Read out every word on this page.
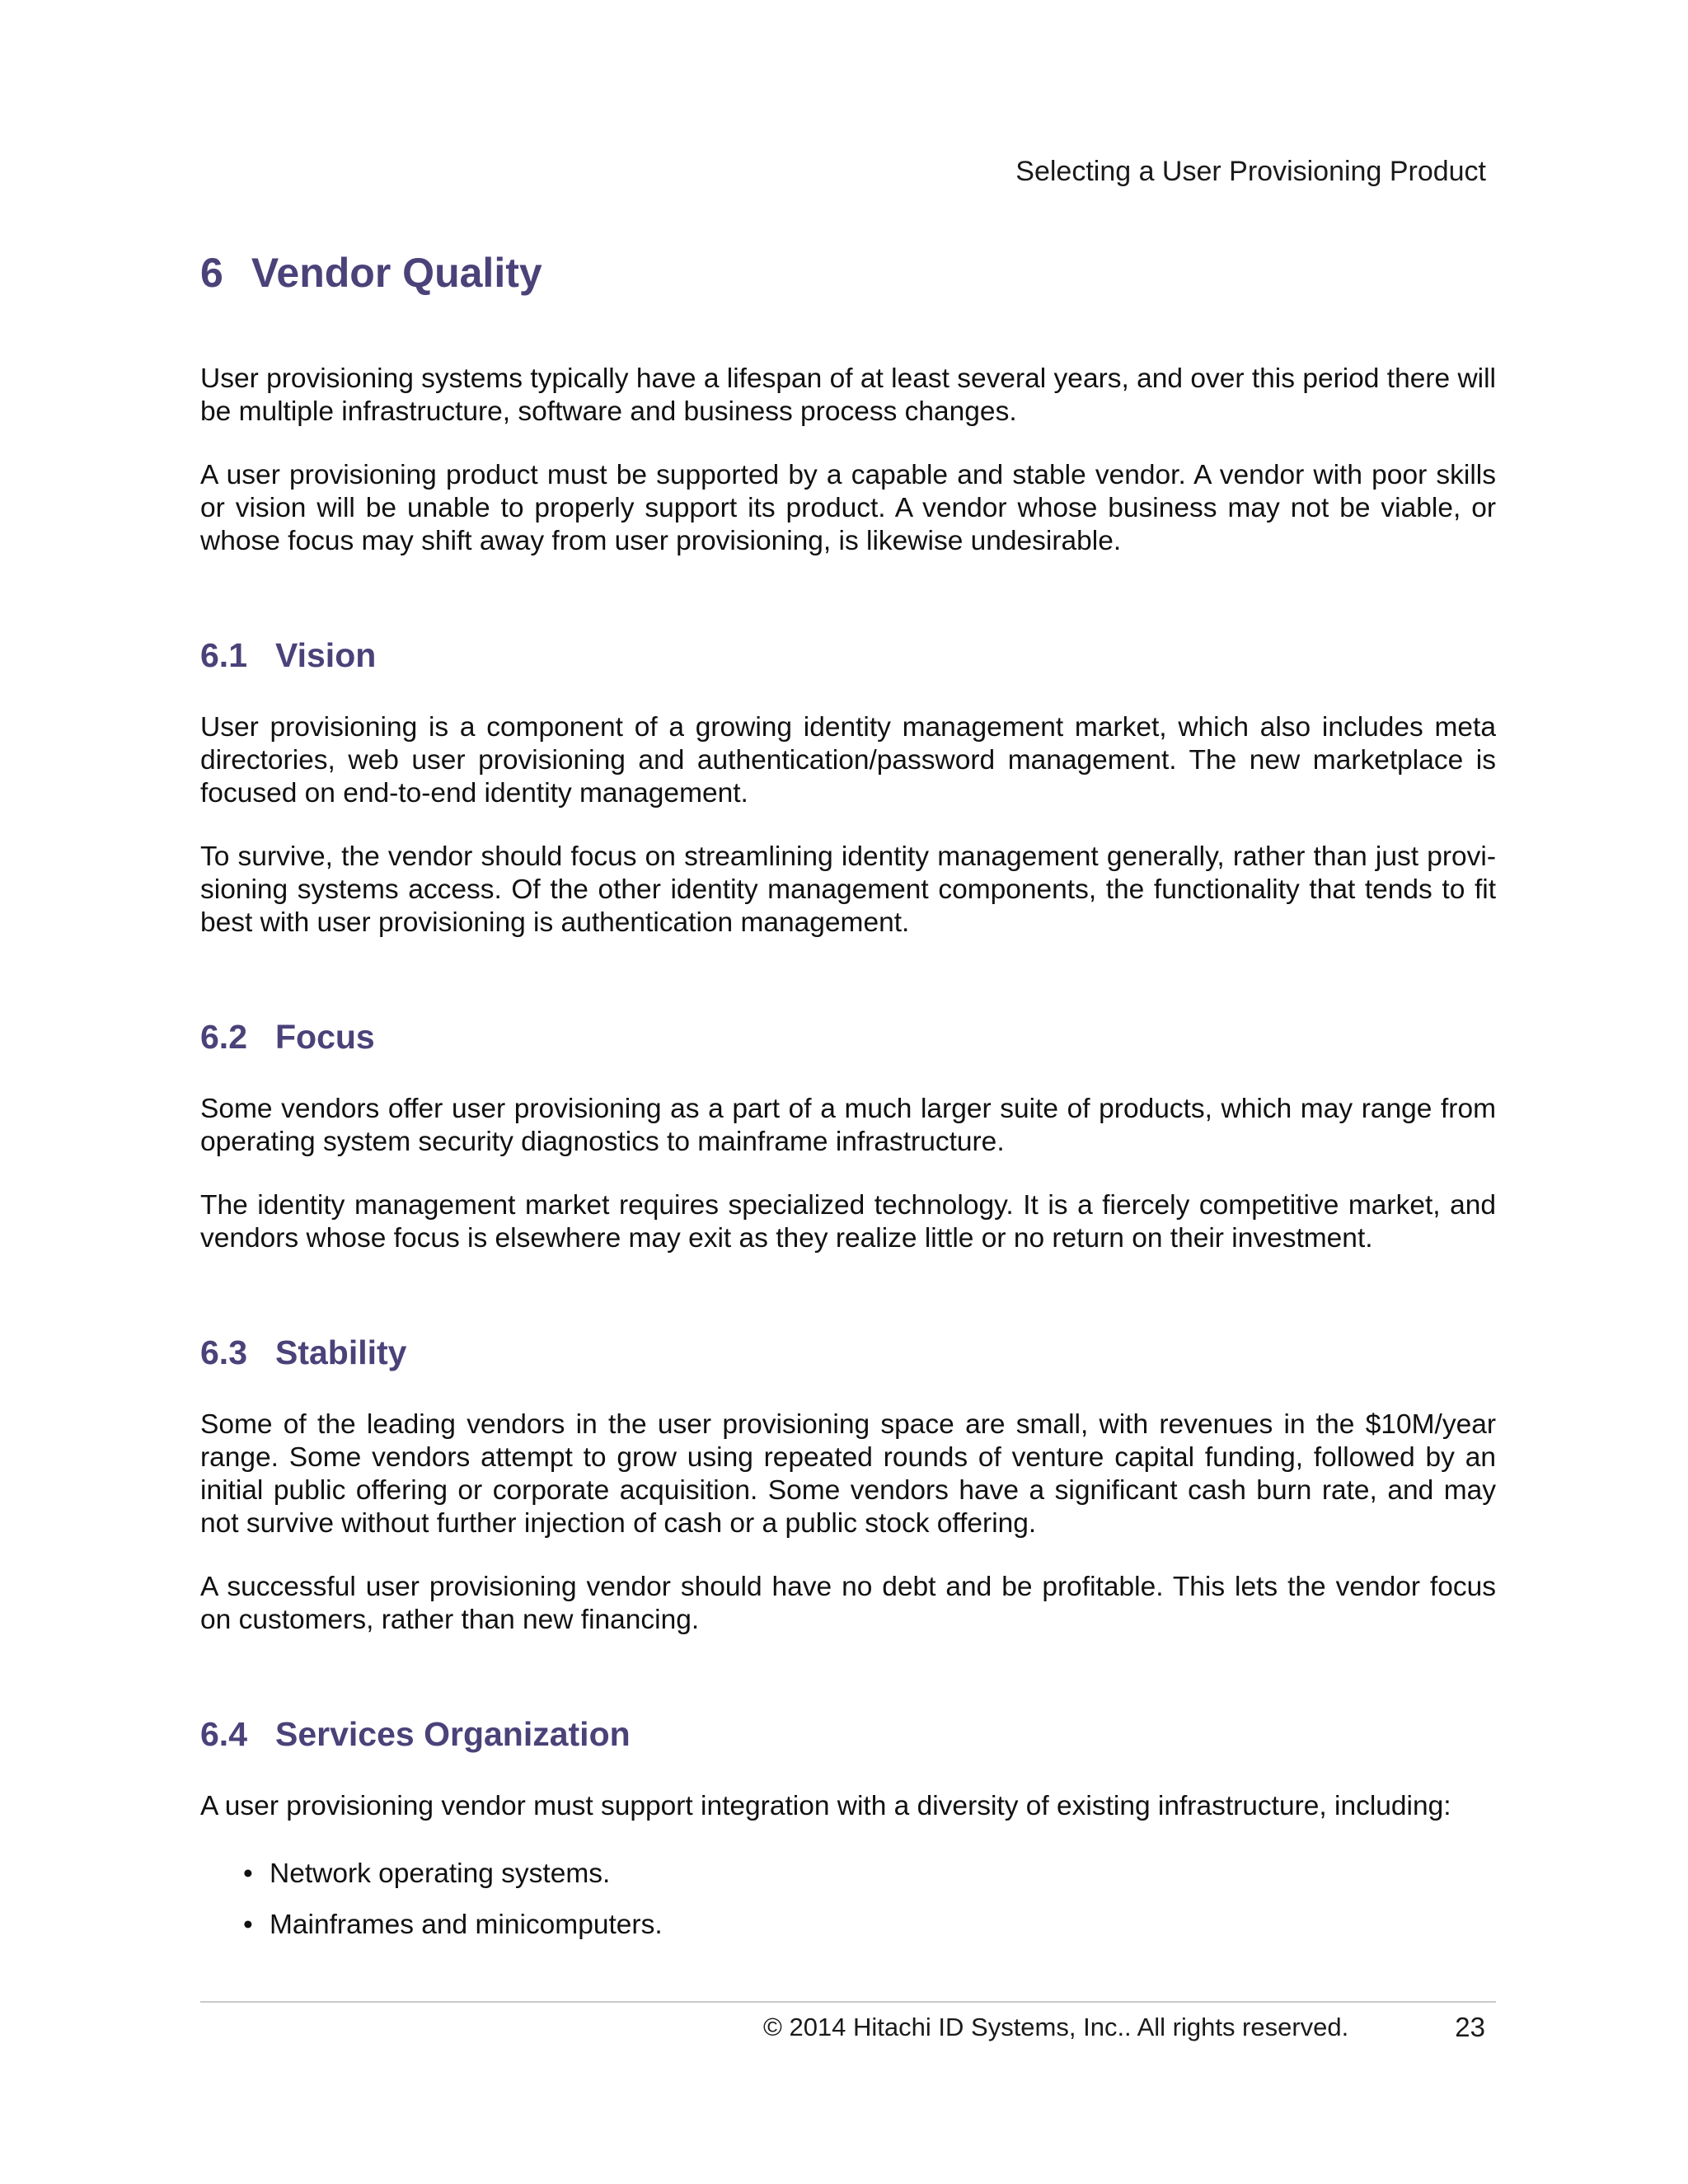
Selecting a User Provisioning Product
6 Vendor Quality

User provisioning systems typically have a lifespan of at least several years, and over this period there will be multiple infrastructure, software and business process changes.

A user provisioning product must be supported by a capable and stable vendor. A vendor with poor skills or vision will be unable to properly support its product. A vendor whose business may not be viable, or whose focus may shift away from user provisioning, is likewise undesirable.

6.1 Vision

User provisioning is a component of a growing identity management market, which also includes meta directories, web user provisioning and authentication/password management. The new marketplace is focused on end-to-end identity management.

To survive, the vendor should focus on streamlining identity management generally, rather than just provisioning systems access. Of the other identity management components, the functionality that tends to fit best with user provisioning is authentication management.

6.2 Focus

Some vendors offer user provisioning as a part of a much larger suite of products, which may range from operating system security diagnostics to mainframe infrastructure.

The identity management market requires specialized technology. It is a fiercely competitive market, and vendors whose focus is elsewhere may exit as they realize little or no return on their investment.

6.3 Stability

Some of the leading vendors in the user provisioning space are small, with revenues in the $10M/year range. Some vendors attempt to grow using repeated rounds of venture capital funding, followed by an initial public offering or corporate acquisition. Some vendors have a significant cash burn rate, and may not survive without further injection of cash or a public stock offering.

A successful user provisioning vendor should have no debt and be profitable. This lets the vendor focus on customers, rather than new financing.

6.4 Services Organization

A user provisioning vendor must support integration with a diversity of existing infrastructure, including:

• Network operating systems.
• Mainframes and minicomputers.
© 2014 Hitachi ID Systems, Inc.. All rights reserved.	23
